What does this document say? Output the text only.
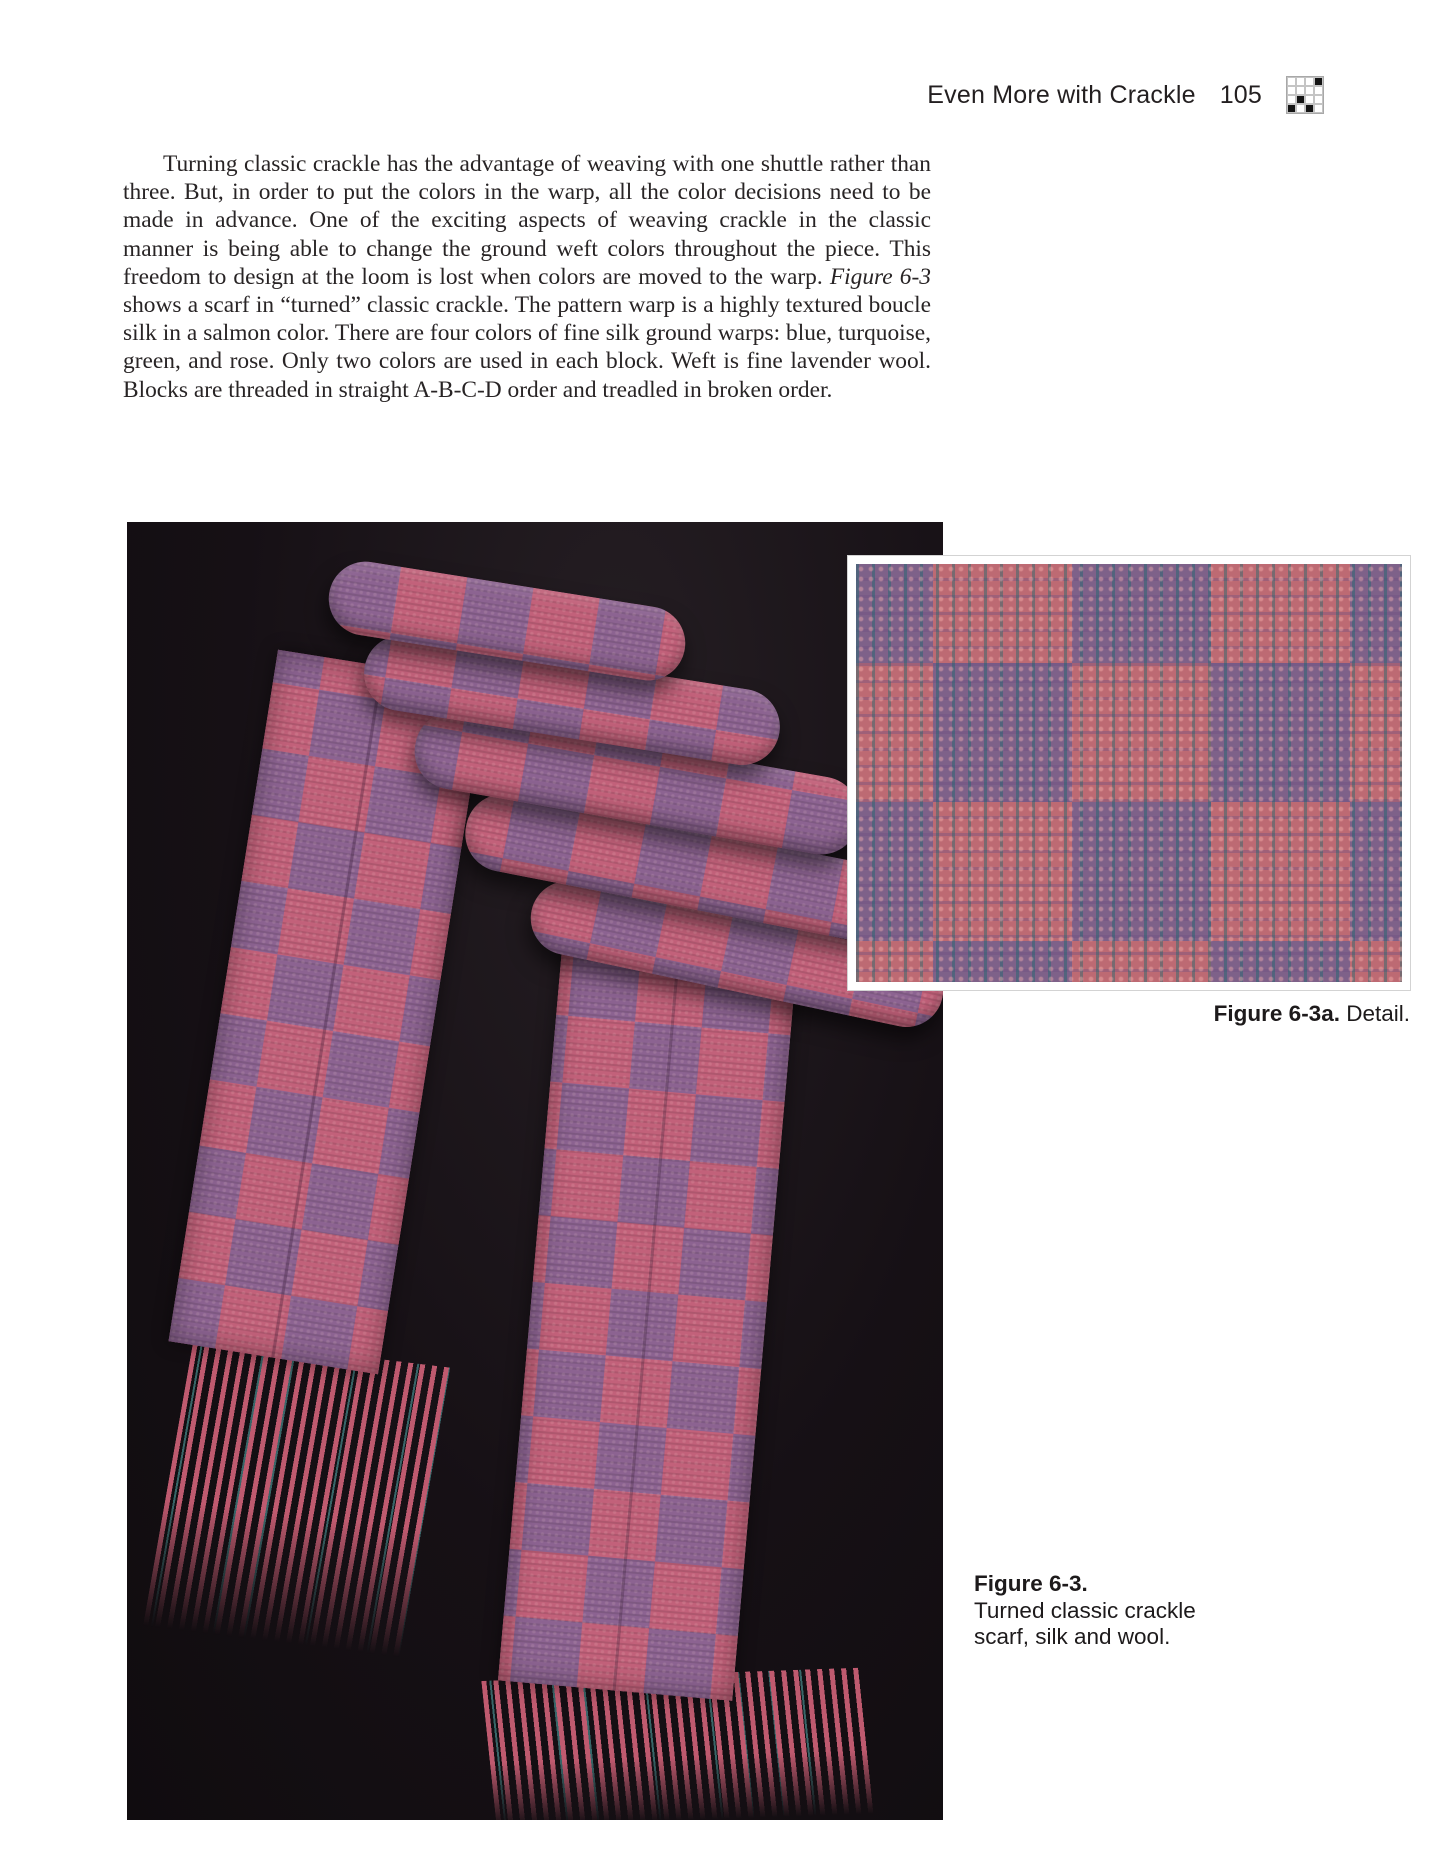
Even More with Crackle 105

Turning classic crackle has the advantage of weaving with one shuttle rather than three. But, in order to put the colors in the warp, all the color decisions need to be made in advance. One of the exciting aspects of weaving crackle in the classic manner is being able to change the ground weft colors throughout the piece. This freedom to design at the loom is lost when colors are moved to the warp. Figure 6-3 shows a scarf in “turned” classic crackle. The pattern warp is a highly textured boucle silk in a salmon color. There are four colors of fine silk ground warps: blue, turquoise, green, and rose. Only two colors are used in each block. Weft is fine lavender wool. Blocks are threaded in straight A-B-C-D order and treadled in broken order.

Figure 6-3a. Detail.
Figure 6-3.
Turned classic crackle
scarf, silk and wool.
